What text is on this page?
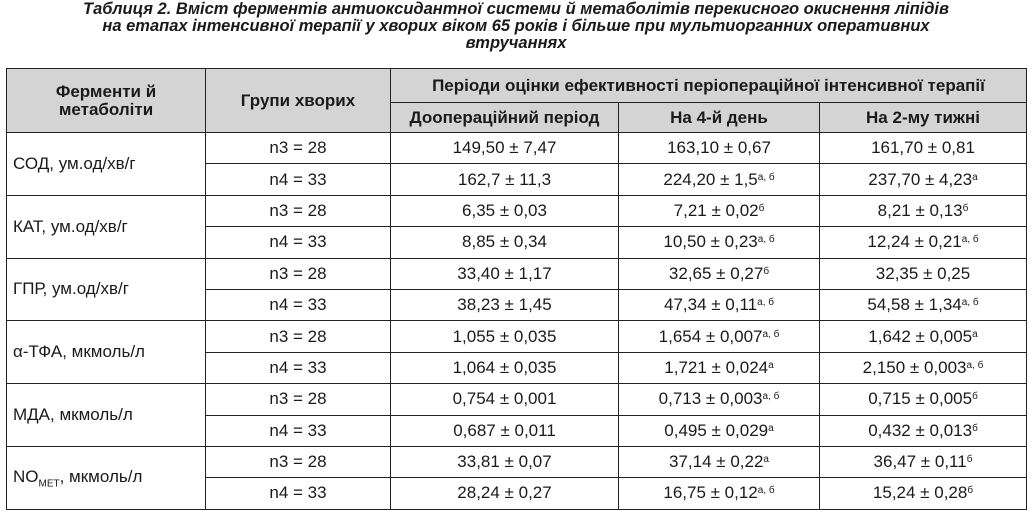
Таблиця 2. Вміст ферментів антиоксидантної системи й метаболітів перекисного окиснення ліпідів
на етапах інтенсивної терапії у хворих віком 65 років і більше при мультиорганних оперативних
втручаннях
Ферменти й метаболіти	Групи хворих	Періоди оцінки ефективності періопераційної інтенсивної терапії		
		Доопераційний період	На 4-й день	На 2-му тижні
СОД, ум.од/хв/г	n3 = 28	149,50 ± 7,47	163,10 ± 0,67	161,70 ± 0,81
	n4 = 33	162,7 ± 11,3	$224,20 \pm 1,5^{а, б}$	$237,70 \pm 4,23^а$
КАТ, ум.од/хв/г	n3 = 28	6,35 ± 0,03	$7,21 \pm 0,02^б$	$8,21 \pm 0,13^б$
	n4 = 33	8,85 ± 0,34	$10,50 \pm 0,23^{а, б}$	$12,24 \pm 0,21^{а, б}$
ГПР, ум.од/хв/г	n3 = 28	33,40 ± 1,17	$32,65 \pm 0,27^б$	32,35 ± 0,25
	n4 = 33	38,23 ± 1,45	$47,34 \pm 0,11^{а, б}$	$54,58 \pm 1,34^{а, б}$
α-ТФА, мкмоль/л	n3 = 28	1,055 ± 0,035	$1,654 \pm 0,007^{а, б}$	$1,642 \pm 0,005^а$
	n4 = 33	1,064 ± 0,035	$1,721 \pm 0,024^а$	$2,150 \pm 0,003^{а, б}$
МДА, мкмоль/л	n3 = 28	0,754 ± 0,001	$0,713 \pm 0,003^{а, б}$	$0,715 \pm 0,005^б$
	n4 = 33	0,687 ± 0,011	$0,495 \pm 0,029^а$	$0,432 \pm 0,013^б$
$NO_{МЕТ}$, мкмоль/л	n3 = 28	33,81 ± 0,07	$37,14 \pm 0,22^а$	$36,47 \pm 0,11^б$
	n4 = 33	28,24 ± 0,27	$16,75 \pm 0,12^{а, б}$	$15,24 \pm 0,28^б$
